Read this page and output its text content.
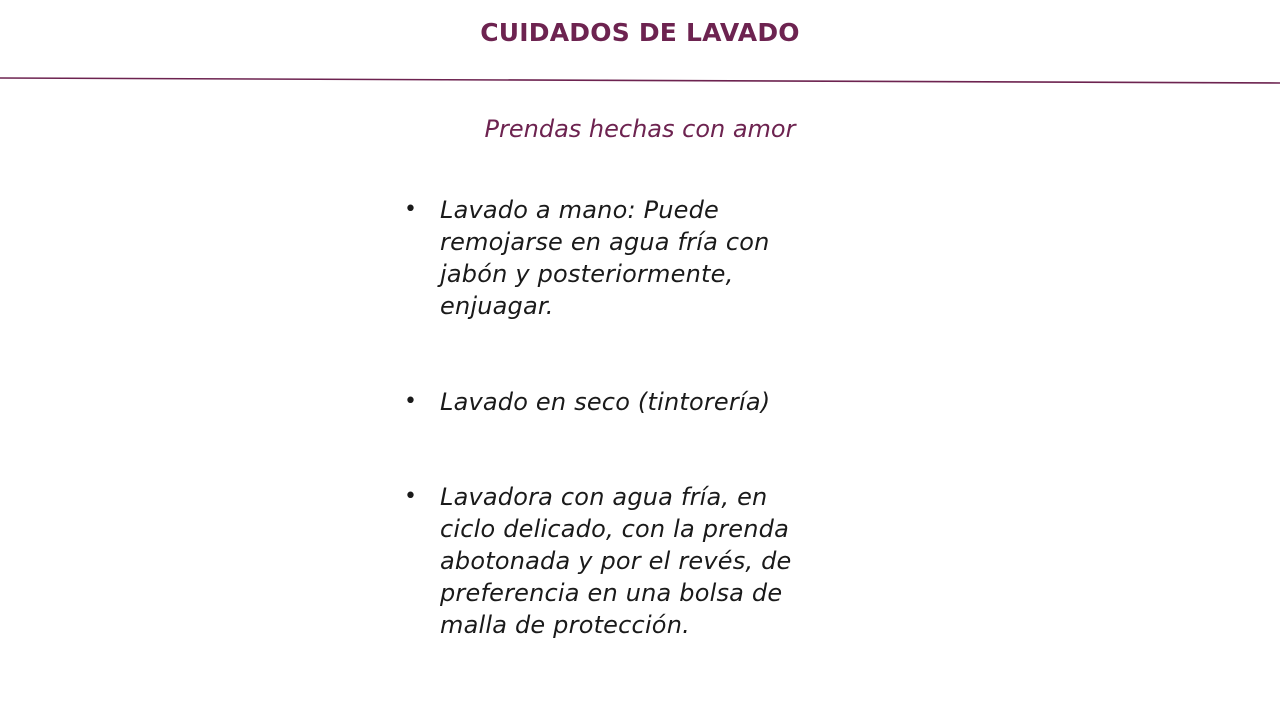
CUIDADOS DE LAVADO

Prendas hechas con amor

• Lavado a mano: Puede
remojarse en agua fría con
jabón y posteriormente,
enjuagar.
• Lavado en seco (tintorería)
• Lavadora con agua fría, en
ciclo delicado, con la prenda
abotonada y por el revés, de
preferencia en una bolsa de
malla de protección.
